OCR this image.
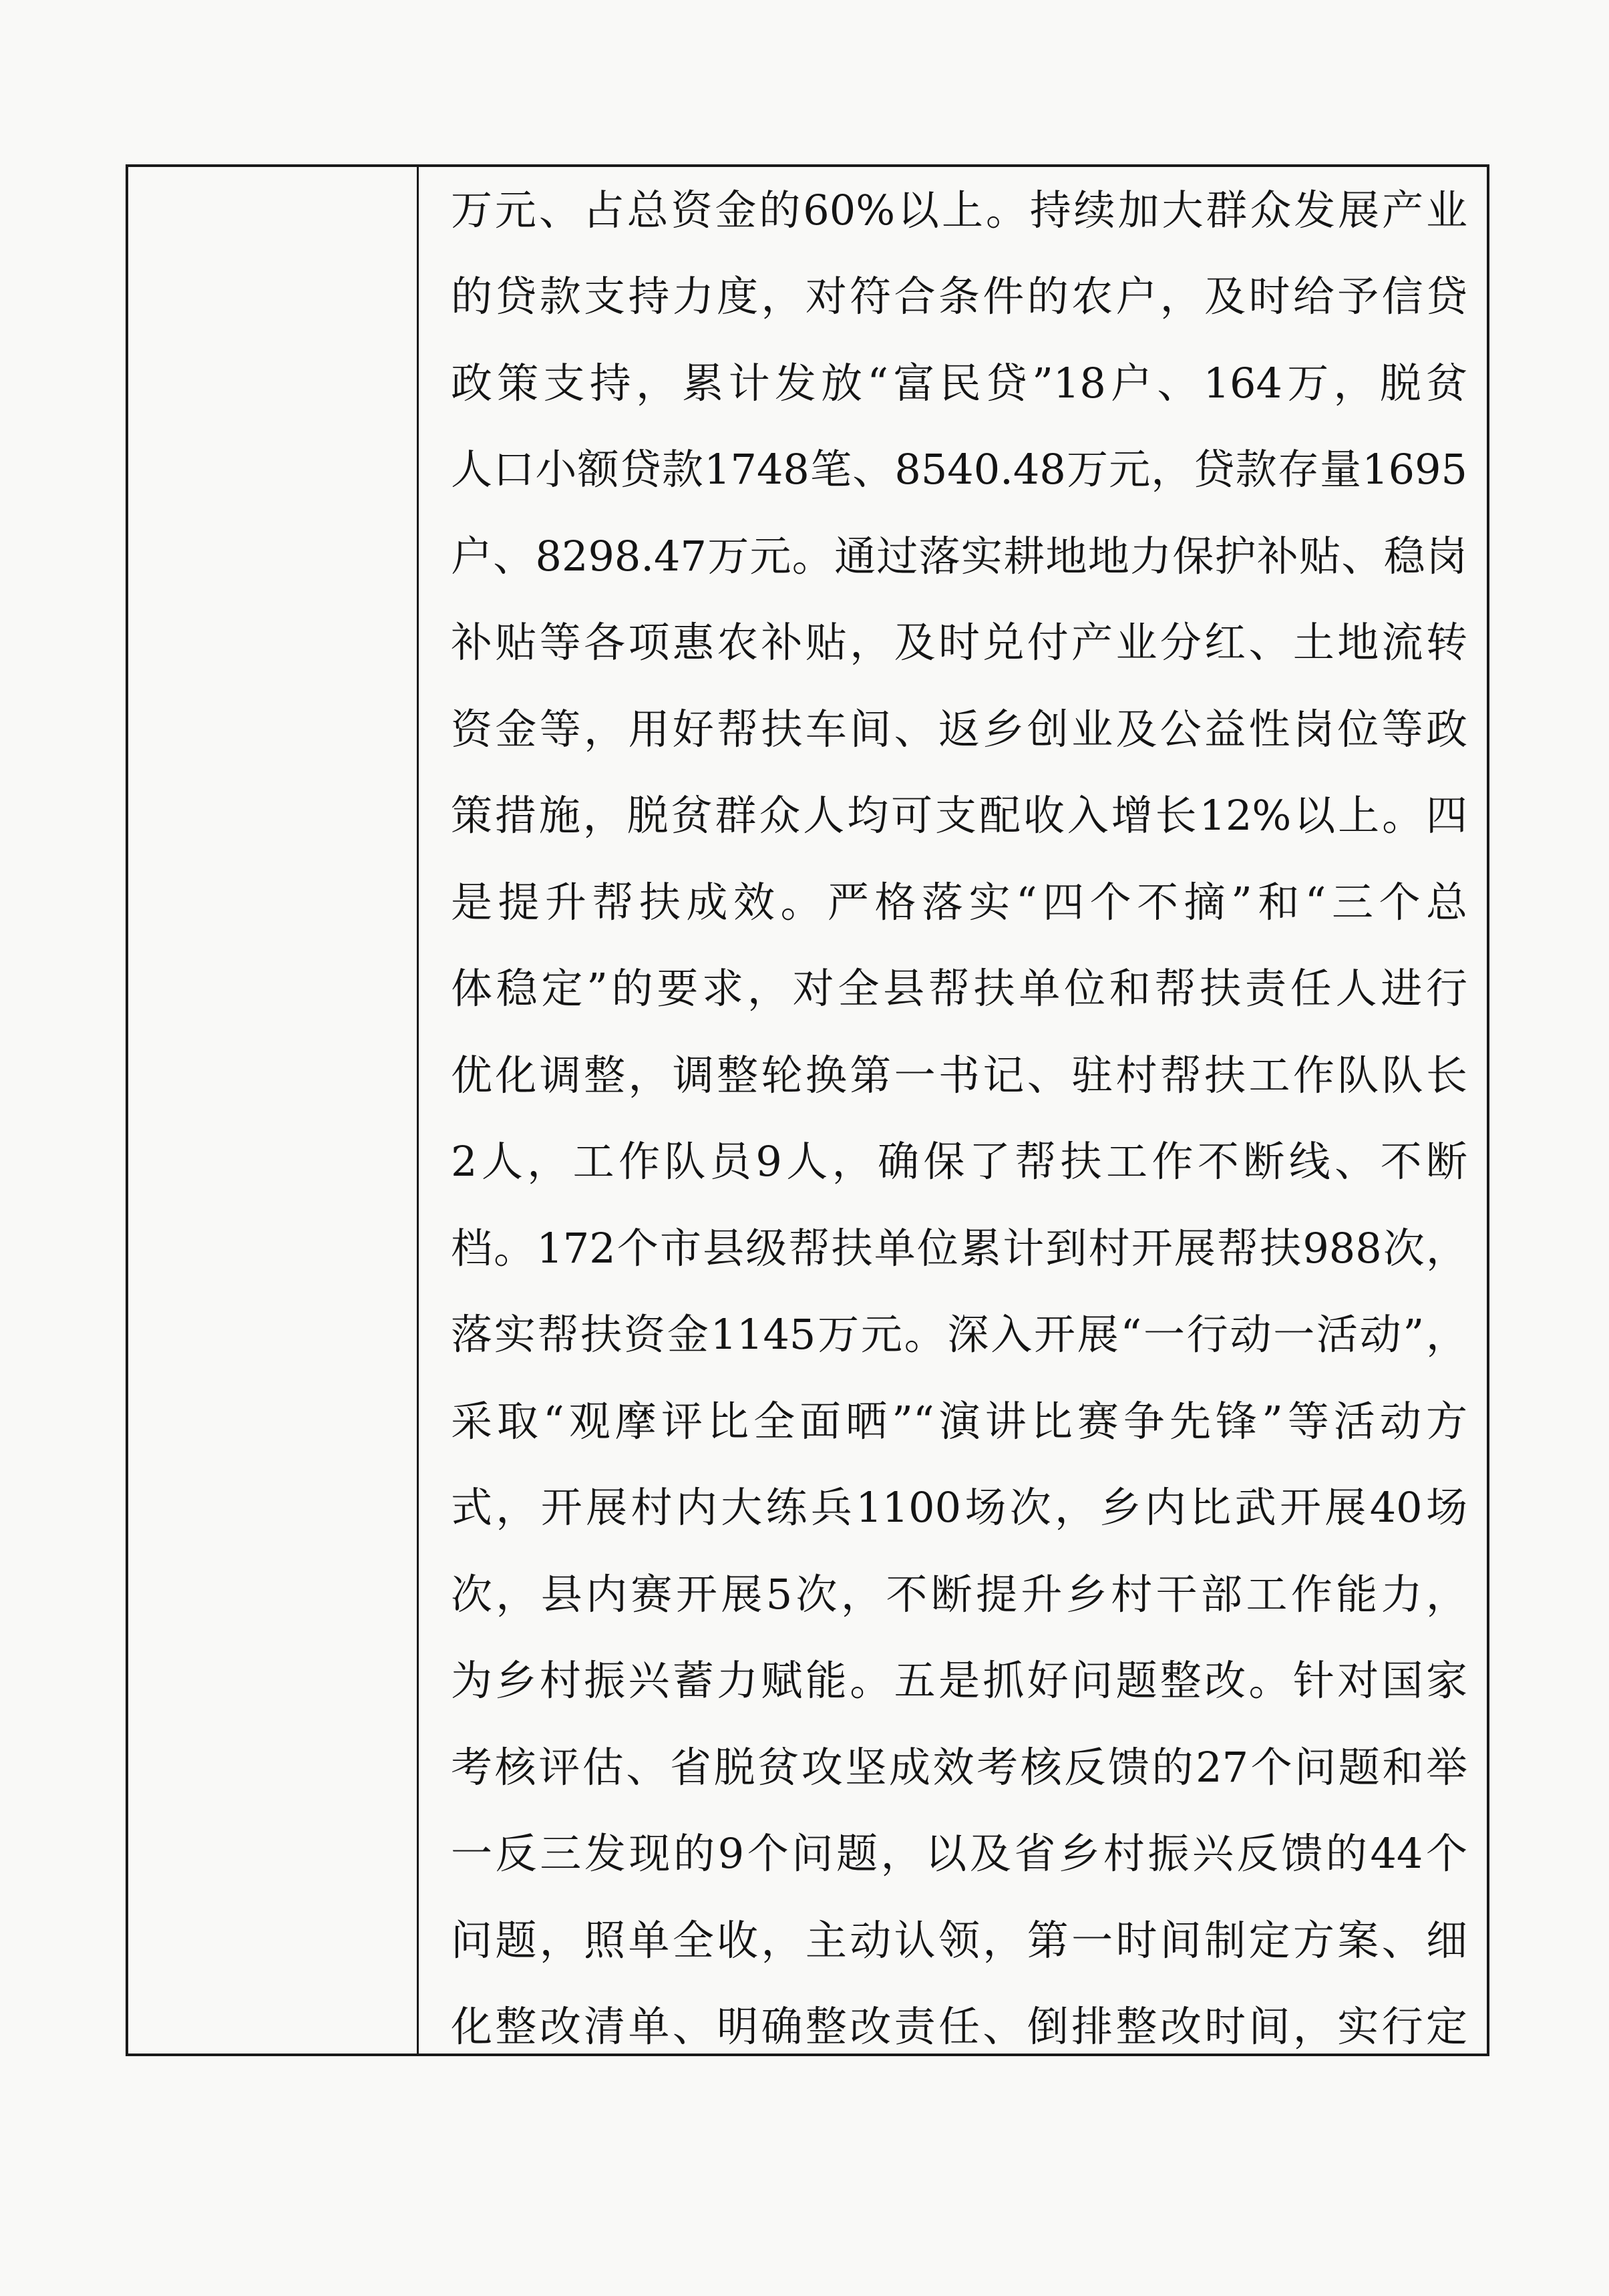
万元、占总资金的60%以上。持续加大群众发展产业
的贷款支持力度，对符合条件的农户，及时给予信贷
政策支持，累计发放“富民贷”18户、164万，脱贫
人口小额贷款1748笔、8540.48万元，贷款存量1695
户、8298.47万元。通过落实耕地地力保护补贴、稳岗
补贴等各项惠农补贴，及时兑付产业分红、土地流转
资金等，用好帮扶车间、返乡创业及公益性岗位等政
策措施，脱贫群众人均可支配收入增长12%以上。四
是提升帮扶成效。严格落实“四个不摘”和“三个总
体稳定”的要求，对全县帮扶单位和帮扶责任人进行
优化调整，调整轮换第一书记、驻村帮扶工作队队长
2人，工作队员9人，确保了帮扶工作不断线、不断
档。172个市县级帮扶单位累计到村开展帮扶988次，
落实帮扶资金1145万元。深入开展“一行动一活动”，
采取“观摩评比全面晒”“演讲比赛争先锋”等活动方
式，开展村内大练兵1100场次，乡内比武开展40场
次，县内赛开展5次，不断提升乡村干部工作能力，
为乡村振兴蓄力赋能。五是抓好问题整改。针对国家
考核评估、省脱贫攻坚成效考核反馈的27个问题和举
一反三发现的9个问题，以及省乡村振兴反馈的44个
问题，照单全收，主动认领，第一时间制定方案、细
化整改清单、明确整改责任、倒排整改时间，实行定
